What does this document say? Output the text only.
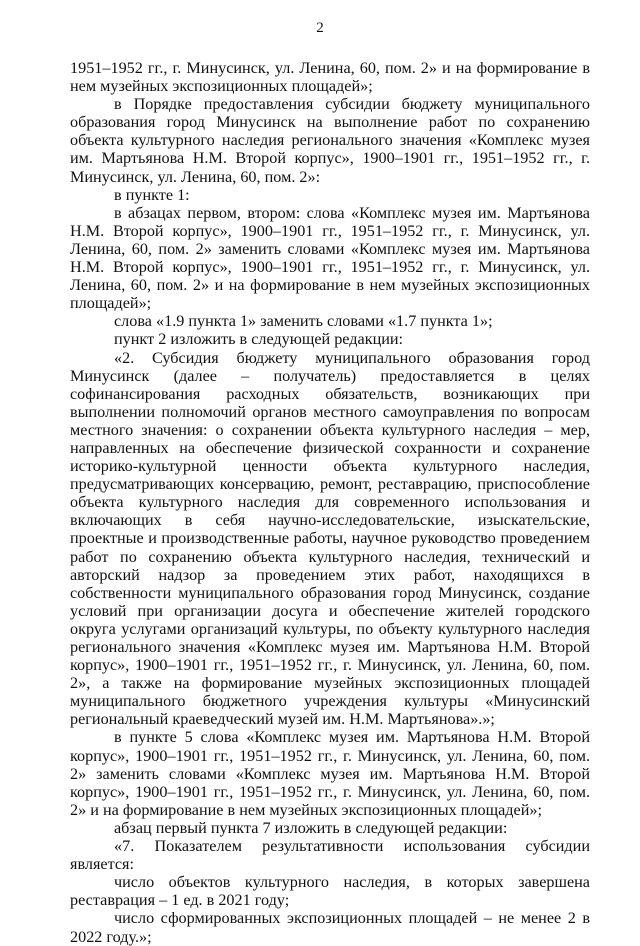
2

1951–1952 гг., г. Минусинск, ул. Ленина, 60, пом. 2» и на формирование в нем музейных экспозиционных площадей»;

в Порядке предоставления субсидии бюджету муниципального образования город Минусинск на выполнение работ по сохранению объекта культурного наследия регионального значения «Комплекс музея им. Мартьянова Н.М. Второй корпус», 1900–1901 гг., 1951–1952 гг., г. Минусинск, ул. Ленина, 60, пом. 2»:

в пункте 1:

в абзацах первом, втором: слова «Комплекс музея им. Мартьянова Н.М. Второй корпус», 1900–1901 гг., 1951–1952 гг., г. Минусинск, ул. Ленина, 60, пом. 2» заменить словами «Комплекс музея им. Мартьянова Н.М. Второй корпус», 1900–1901 гг., 1951–1952 гг., г. Минусинск, ул. Ленина, 60, пом. 2» и на формирование в нем музейных экспозиционных площадей»;

слова «1.9 пункта 1» заменить словами «1.7 пункта 1»;

пункт 2 изложить в следующей редакции:

«2. Субсидия бюджету муниципального образования город Минусинск (далее – получатель) предоставляется в целях софинансирования расходных обязательств, возникающих при выполнении полномочий органов местного самоуправления по вопросам местного значения: о сохранении объекта культурного наследия – мер, направленных на обеспечение физической сохранности и сохранение историко-культурной ценности объекта культурного наследия, предусматривающих консервацию, ремонт, реставрацию, приспособление объекта культурного наследия для современного использования и включающих в себя научно-исследовательские, изыскательские, проектные и производственные работы, научное руководство проведением работ по сохранению объекта культурного наследия, технический и авторский надзор за проведением этих работ, находящихся в собственности муниципального образования город Минусинск, создание условий при организации досуга и обеспечение жителей городского округа услугами организаций культуры, по объекту культурного наследия регионального значения «Комплекс музея им. Мартьянова Н.М. Второй корпус», 1900–1901 гг., 1951–1952 гг., г. Минусинск, ул. Ленина, 60, пом. 2», а также на формирование музейных экспозиционных площадей муниципального бюджетного учреждения культуры «Минусинский региональный краеведческий музей им. Н.М. Мартьянова».»;

в пункте 5 слова «Комплекс музея им. Мартьянова Н.М. Второй корпус», 1900–1901 гг., 1951–1952 гг., г. Минусинск, ул. Ленина, 60, пом. 2» заменить словами «Комплекс музея им. Мартьянова Н.М. Второй корпус», 1900–1901 гг., 1951–1952 гг., г. Минусинск, ул. Ленина, 60, пом. 2» и на формирование в нем музейных экспозиционных площадей»;

абзац первый пункта 7 изложить в следующей редакции:

«7. Показателем результативности использования субсидии является:

число объектов культурного наследия, в которых завершена реставрация – 1 ед. в 2021 году;

число сформированных экспозиционных площадей – не менее 2 в 2022 году.»;
